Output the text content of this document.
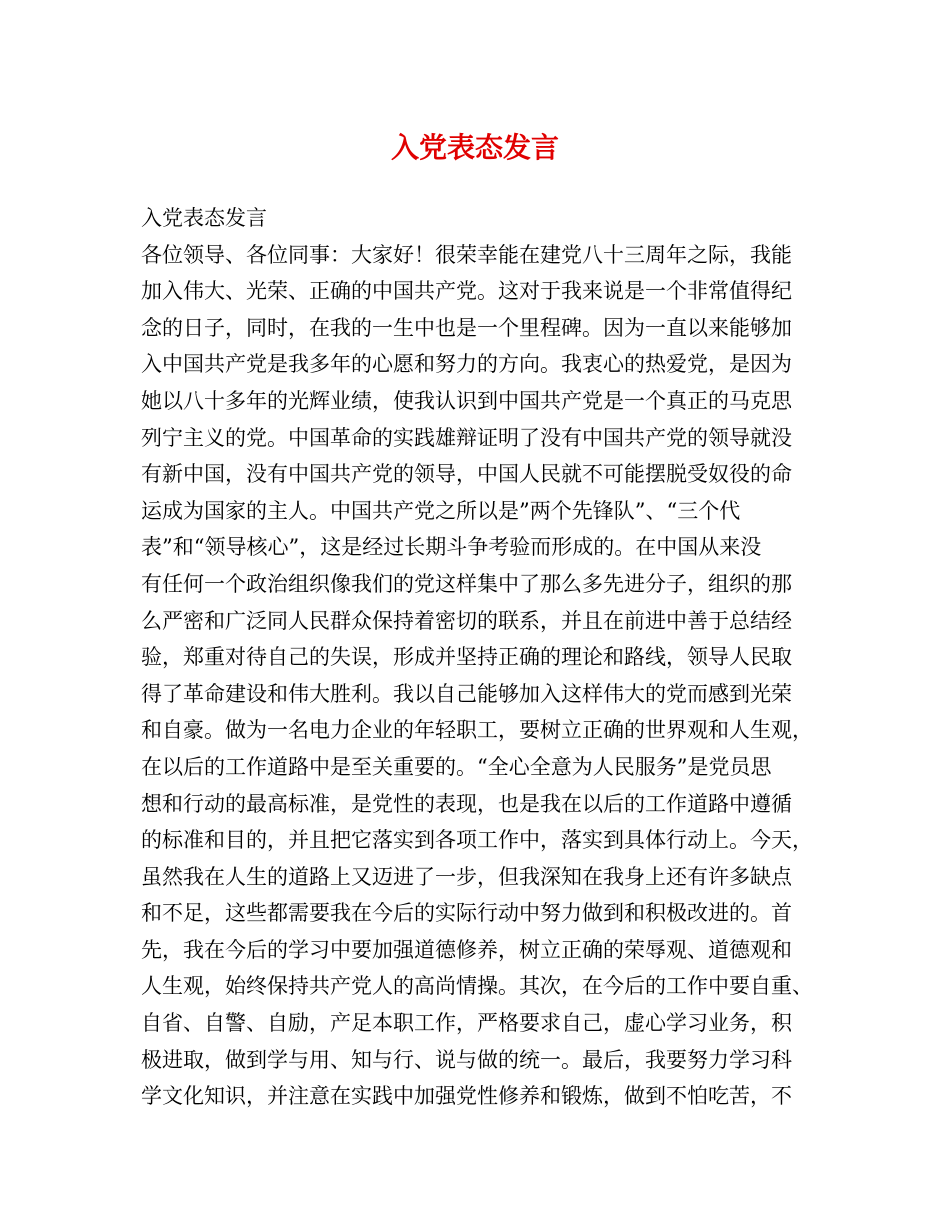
入党表态发言
入党表态发言
各位领导、各位同事：大家好！很荣幸能在建党八十三周年之际，我能
加入伟大、光荣、正确的中国共产党。这对于我来说是一个非常值得纪
念的日子，同时，在我的一生中也是一个里程碑。因为一直以来能够加
入中国共产党是我多年的心愿和努力的方向。我衷心的热爱党，是因为
她以八十多年的光辉业绩，使我认识到中国共产党是一个真正的马克思
列宁主义的党。中国革命的实践雄辩证明了没有中国共产党的领导就没
有新中国，没有中国共产党的领导，中国人民就不可能摆脱受奴役的命
运成为国家的主人。中国共产党之所以是”两个先锋队”、“三个代
表”和“领导核心”，这是经过长期斗争考验而形成的。在中国从来没
有任何一个政治组织像我们的党这样集中了那么多先进分子，组织的那
么严密和广泛同人民群众保持着密切的联系，并且在前进中善于总结经
验，郑重对待自己的失误，形成并坚持正确的理论和路线，领导人民取
得了革命建设和伟大胜利。我以自己能够加入这样伟大的党而感到光荣
和自豪。做为一名电力企业的年轻职工，要树立正确的世界观和人生观，
在以后的工作道路中是至关重要的。“全心全意为人民服务”是党员思
想和行动的最高标准，是党性的表现，也是我在以后的工作道路中遵循
的标准和目的，并且把它落实到各项工作中，落实到具体行动上。今天，
虽然我在人生的道路上又迈进了一步，但我深知在我身上还有许多缺点
和不足，这些都需要我在今后的实际行动中努力做到和积极改进的。首
先，我在今后的学习中要加强道德修养，树立正确的荣辱观、道德观和
人生观，始终保持共产党人的高尚情操。其次，在今后的工作中要自重、
自省、自警、自励，产足本职工作，严格要求自己，虚心学习业务，积
极进取，做到学与用、知与行、说与做的统一。最后，我要努力学习科
学文化知识，并注意在实践中加强党性修养和锻炼，做到不怕吃苦，不
